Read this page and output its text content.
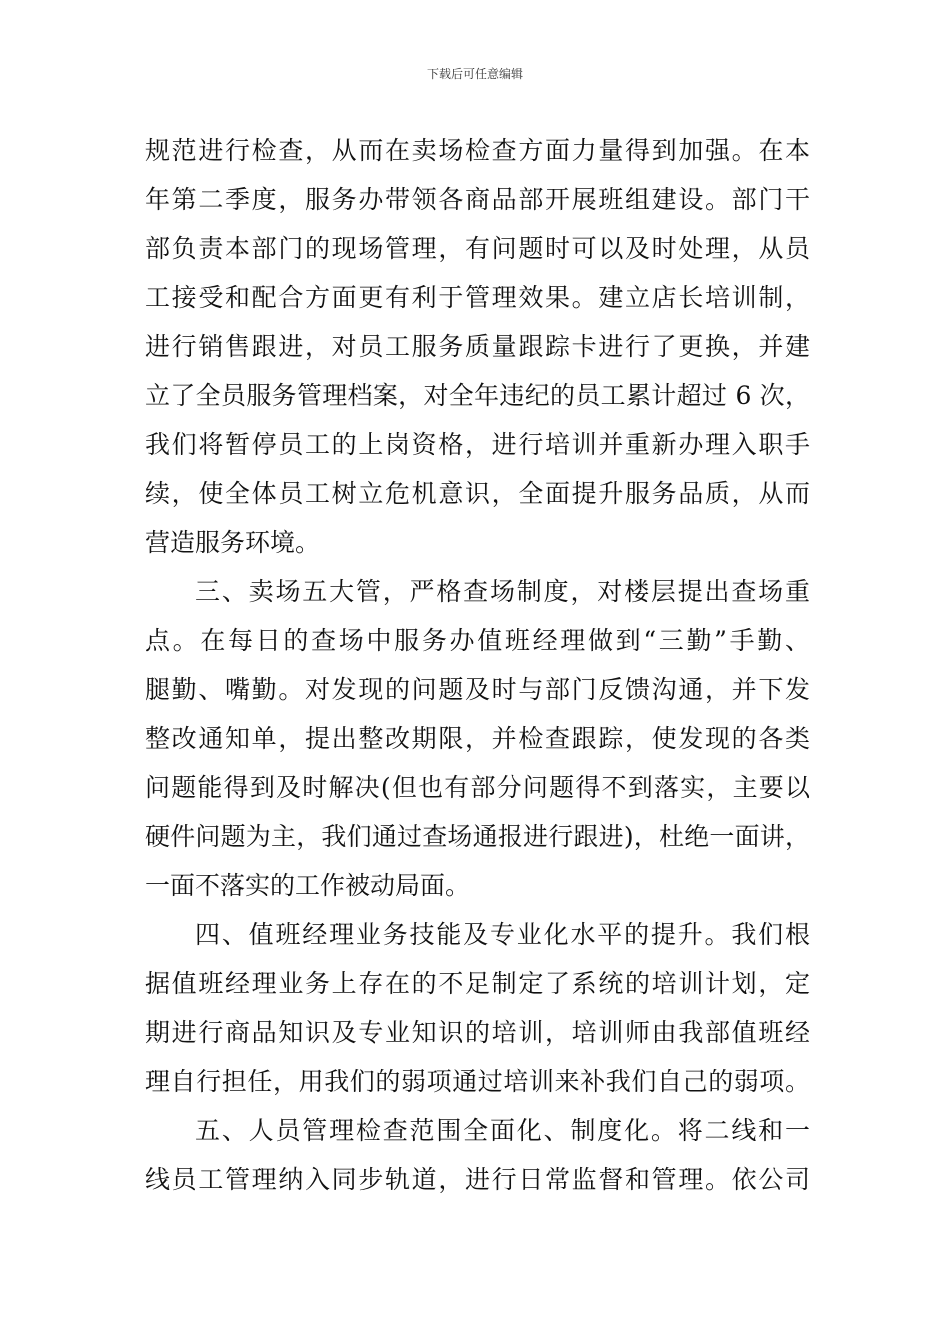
下载后可任意编辑
规范进行检查，从而在卖场检查方面力量得到加强。在本
年第二季度，服务办带领各商品部开展班组建设。部门干
部负责本部门的现场管理，有问题时可以及时处理，从员
工接受和配合方面更有利于管理效果。建立店长培训制，
进行销售跟进，对员工服务质量跟踪卡进行了更换，并建
立了全员服务管理档案，对全年违纪的员工累计超过 6 次，
我们将暂停员工的上岗资格，进行培训并重新办理入职手
续，使全体员工树立危机意识，全面提升服务品质，从而
营造服务环境。
三、卖场五大管，严格查场制度，对楼层提出查场重
点。在每日的查场中服务办值班经理做到“三勤”手勤、
腿勤、嘴勤。对发现的问题及时与部门反馈沟通，并下发
整改通知单，提出整改期限，并检查跟踪，使发现的各类
问题能得到及时解决(但也有部分问题得不到落实，主要以
硬件问题为主，我们通过查场通报进行跟进)，杜绝一面讲，
一面不落实的工作被动局面。
四、值班经理业务技能及专业化水平的提升。我们根
据值班经理业务上存在的不足制定了系统的培训计划，定
期进行商品知识及专业知识的培训，培训师由我部值班经
理自行担任，用我们的弱项通过培训来补我们自己的弱项。
五、人员管理检查范围全面化、制度化。将二线和一
线员工管理纳入同步轨道，进行日常监督和管理。依公司
